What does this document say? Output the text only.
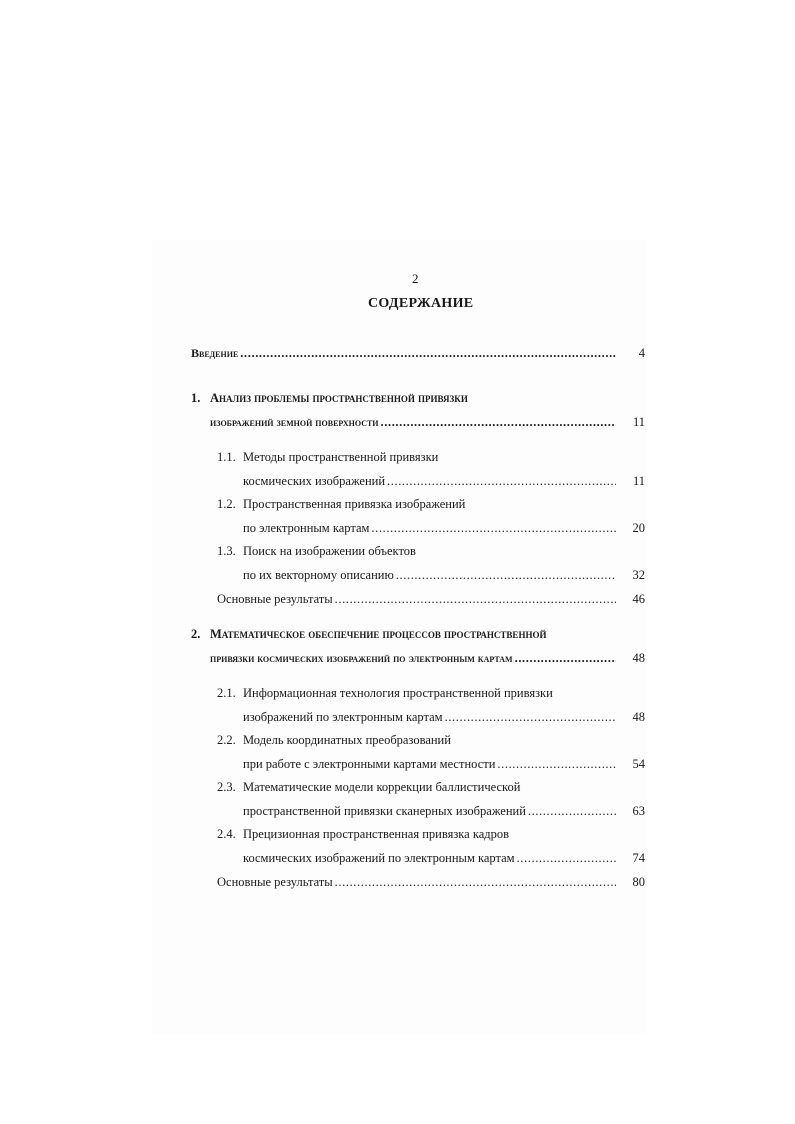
2
СОДЕРЖАНИЕ
Введение .....	4
1. Анализ проблемы пространственной привязки
изображений земной поверхности .....	11
1.1. Методы пространственной привязки
космических изображений .....	11
1.2. Пространственная привязка изображений
по электронным картам .....	20
1.3. Поиск на изображении объектов
по их векторному описанию .....	32
Основные результаты .....	46
2. Математическое обеспечение процессов пространственной
привязки космических изображений по электронным картам .....	48
2.1. Информационная технология пространственной привязки
изображений по электронным картам .....	48
2.2. Модель координатных преобразований
при работе с электронными картами местности .....	54
2.3. Математические модели коррекции баллистической
пространственной привязки сканерных изображений .....	63
2.4. Прецизионная пространственная привязка кадров
космических изображений по электронным картам .....	74
Основные результаты .....	80
